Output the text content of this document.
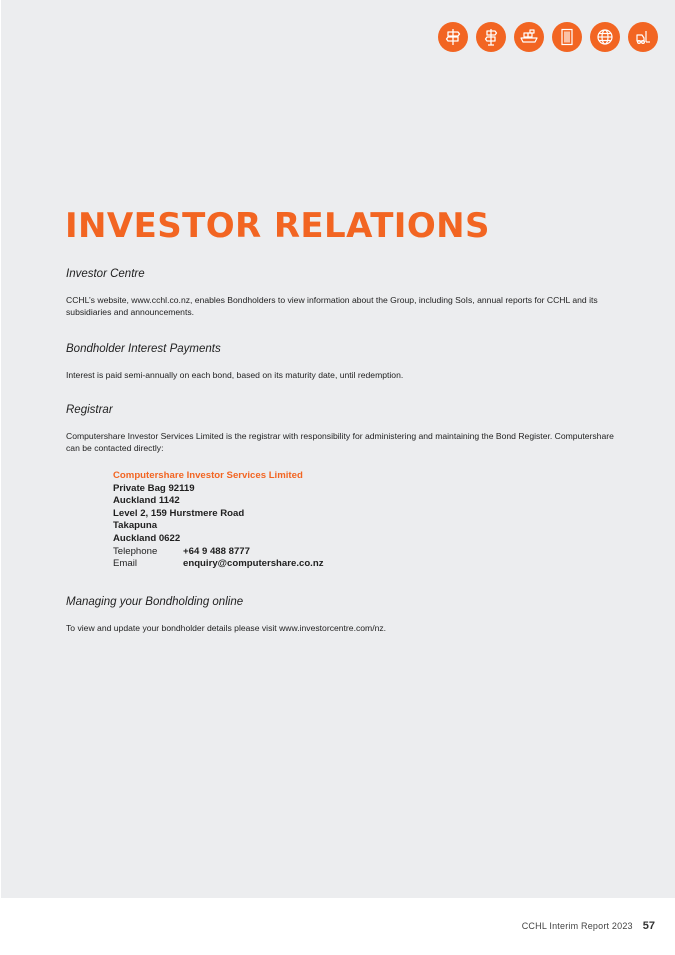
INVESTOR RELATIONS

Investor Centre

CCHL’s website, www.cchl.co.nz, enables Bondholders to view information about the Group, including SoIs, annual reports for CCHL and its subsidiaries and announcements.

Bondholder Interest Payments

Interest is paid semi-annually on each bond, based on its maturity date, until redemption.

Registrar

Computershare Investor Services Limited is the registrar with responsibility for administering and maintaining the Bond Register. Computershare can be contacted directly:

Computershare Investor Services Limited
Private Bag 92119
Auckland 1142
Level 2, 159 Hurstmere Road
Takapuna
Auckland 0622
Telephone	+64 9 488 8777
Email	enquiry@computershare.co.nz

Managing your Bondholding online

To view and update your bondholder details please visit www.investorcentre.com/nz.

CCHL Interim Report 2023 57
